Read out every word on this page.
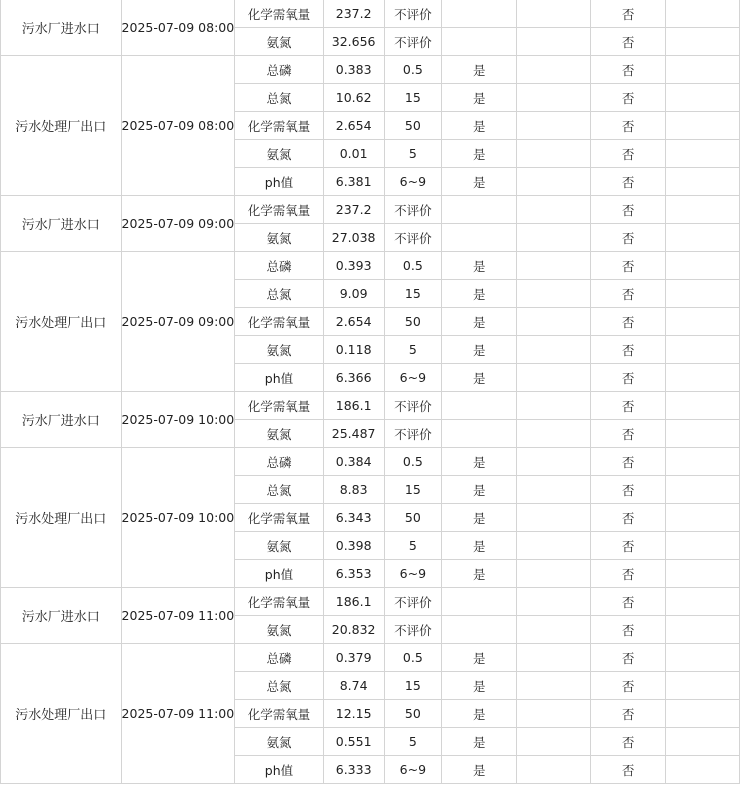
污水厂进水口	2025-07-09 08:00	化学需氧量	237.2	不评价			否	
		氨氮	32.656	不评价			否	
污水处理厂出口	2025-07-09 08:00	总磷	0.383	0.5	是		否	
		总氮	10.62	15	是		否	
		化学需氧量	2.654	50	是		否	
		氨氮	0.01	5	是		否	
		ph值	6.381	6~9	是		否	
污水厂进水口	2025-07-09 09:00	化学需氧量	237.2	不评价			否	
		氨氮	27.038	不评价			否	
污水处理厂出口	2025-07-09 09:00	总磷	0.393	0.5	是		否	
		总氮	9.09	15	是		否	
		化学需氧量	2.654	50	是		否	
		氨氮	0.118	5	是		否	
		ph值	6.366	6~9	是		否	
污水厂进水口	2025-07-09 10:00	化学需氧量	186.1	不评价			否	
		氨氮	25.487	不评价			否	
污水处理厂出口	2025-07-09 10:00	总磷	0.384	0.5	是		否	
		总氮	8.83	15	是		否	
		化学需氧量	6.343	50	是		否	
		氨氮	0.398	5	是		否	
		ph值	6.353	6~9	是		否	
污水厂进水口	2025-07-09 11:00	化学需氧量	186.1	不评价			否	
		氨氮	20.832	不评价			否	
污水处理厂出口	2025-07-09 11:00	总磷	0.379	0.5	是		否	
		总氮	8.74	15	是		否	
		化学需氧量	12.15	50	是		否	
		氨氮	0.551	5	是		否	
		ph值	6.333	6~9	是		否	
